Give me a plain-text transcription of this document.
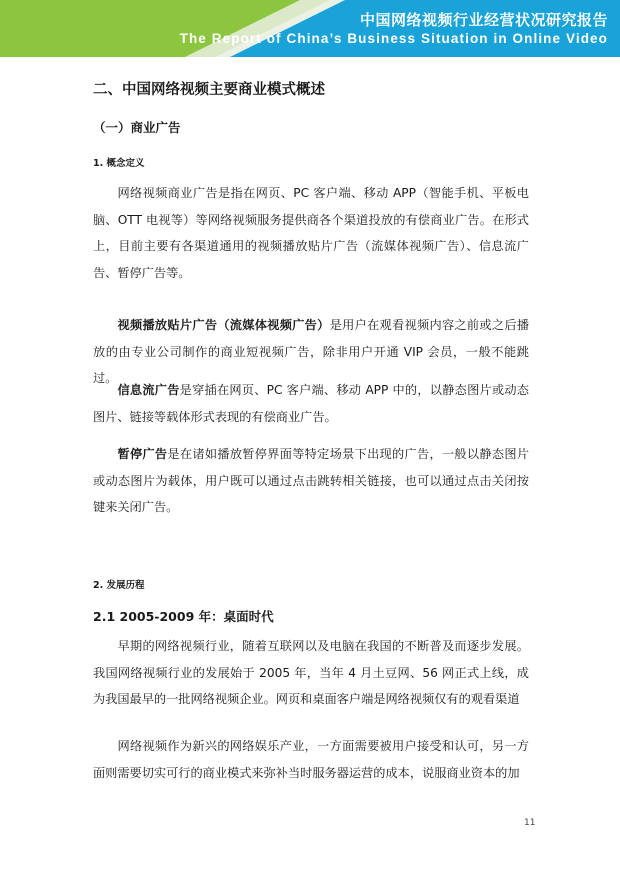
中国网络视频行业经营状况研究报告
The Report of China’s Business Situation in Online Video
二、中国网络视频主要商业模式概述
（一）商业广告
1. 概念定义

网络视频商业广告是指在网页、PC 客户端、移动 APP（智能手机、平板电脑、OTT 电视等）等网络视频服务提供商各个渠道投放的有偿商业广告。在形式上，目前主要有各渠道通用的视频播放贴片广告（流媒体视频广告）、信息流广告、暂停广告等。

视频播放贴片广告（流媒体视频广告）是用户在观看视频内容之前或之后播放的由专业公司制作的商业短视频广告，除非用户开通 VIP 会员，一般不能跳过。

信息流广告是穿插在网页、PC 客户端、移动 APP 中的，以静态图片或动态图片、链接等载体形式表现的有偿商业广告。

暂停广告是在诸如播放暂停界面等特定场景下出现的广告，一般以静态图片或动态图片为载体，用户既可以通过点击跳转相关链接，也可以通过点击关闭按键来关闭广告。

2. 发展历程
2.1 2005-2009 年：桌面时代

早期的网络视频行业，随着互联网以及电脑在我国的不断普及而逐步发展。我国网络视频行业的发展始于 2005 年，当年 4 月土豆网、56 网正式上线，成为我国最早的一批网络视频企业。网页和桌面客户端是网络视频仅有的观看渠道

网络视频作为新兴的网络娱乐产业，一方面需要被用户接受和认可，另一方面则需要切实可行的商业模式来弥补当时服务器运营的成本，说服商业资本的加

11
